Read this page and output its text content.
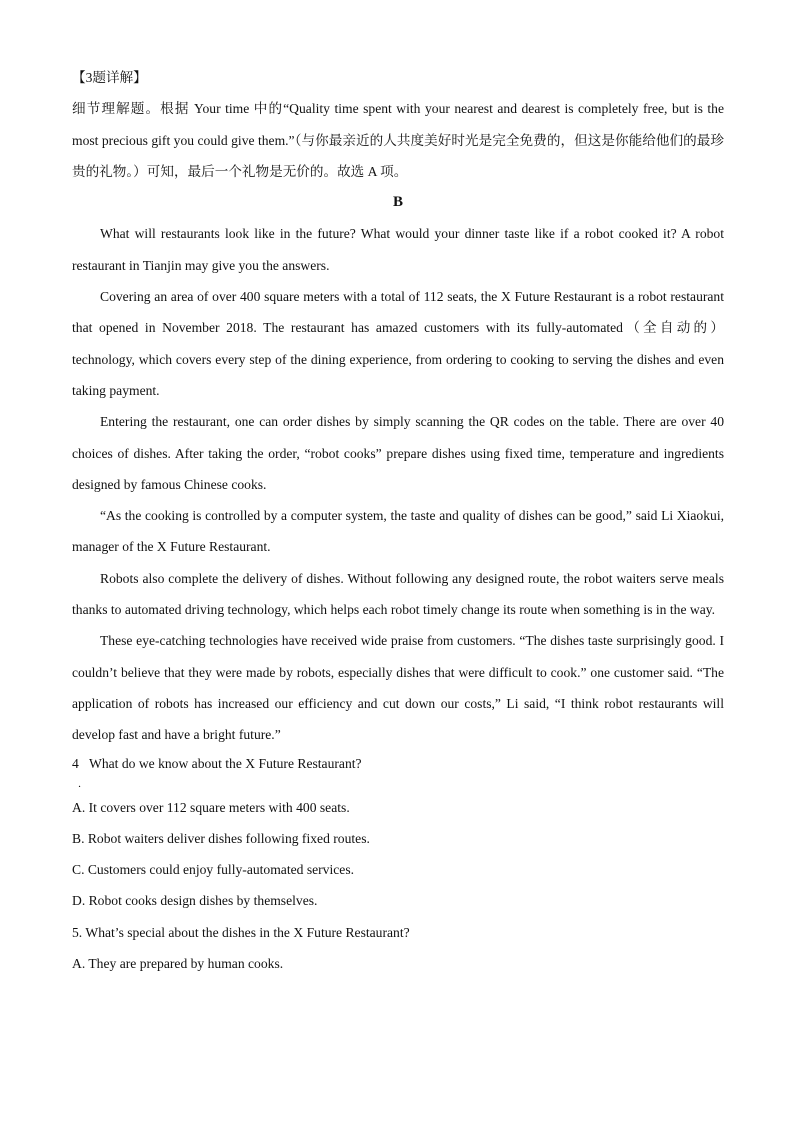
【3题详解】

细节理解题。根据 Your time 中的“Quality time spent with your nearest and dearest is completely free, but is the most precious gift you could give them.”（与你最亲近的人共度美好时光是完全免费的，但这是你能给他们的最珍贵的礼物。）可知，最后一个礼物是无价的。故选 A 项。

B

What will restaurants look like in the future? What would your dinner taste like if a robot cooked it? A robot restaurant in Tianjin may give you the answers.

Covering an area of over 400 square meters with a total of 112 seats, the X Future Restaurant is a robot restaurant that opened in November 2018. The restaurant has amazed customers with its fully-automated（全自动的）technology, which covers every step of the dining experience, from ordering to cooking to serving the dishes and even taking payment.

Entering the restaurant, one can order dishes by simply scanning the QR codes on the table. There are over 40 choices of dishes. After taking the order, “robot cooks” prepare dishes using fixed time, temperature and ingredients designed by famous Chinese cooks.

“As the cooking is controlled by a computer system, the taste and quality of dishes can be good,” said Li Xiaokui, manager of the X Future Restaurant.

Robots also complete the delivery of dishes. Without following any designed route, the robot waiters serve meals thanks to automated driving technology, which helps each robot timely change its route when something is in the way.

These eye-catching technologies have received wide praise from customers. “The dishes taste surprisingly good. I couldn’t believe that they were made by robots, especially dishes that were difficult to cook.” one customer said. “The application of robots has increased our efficiency and cut down our costs,” Li said, “I think robot restaurants will develop fast and have a bright future.”

4 What do we know about the X Future Restaurant?

．

A. It covers over 112 square meters with 400 seats.

B. Robot waiters deliver dishes following fixed routes.

C. Customers could enjoy fully-automated services.

D. Robot cooks design dishes by themselves.

5. What’s special about the dishes in the X Future Restaurant?

A. They are prepared by human cooks.
